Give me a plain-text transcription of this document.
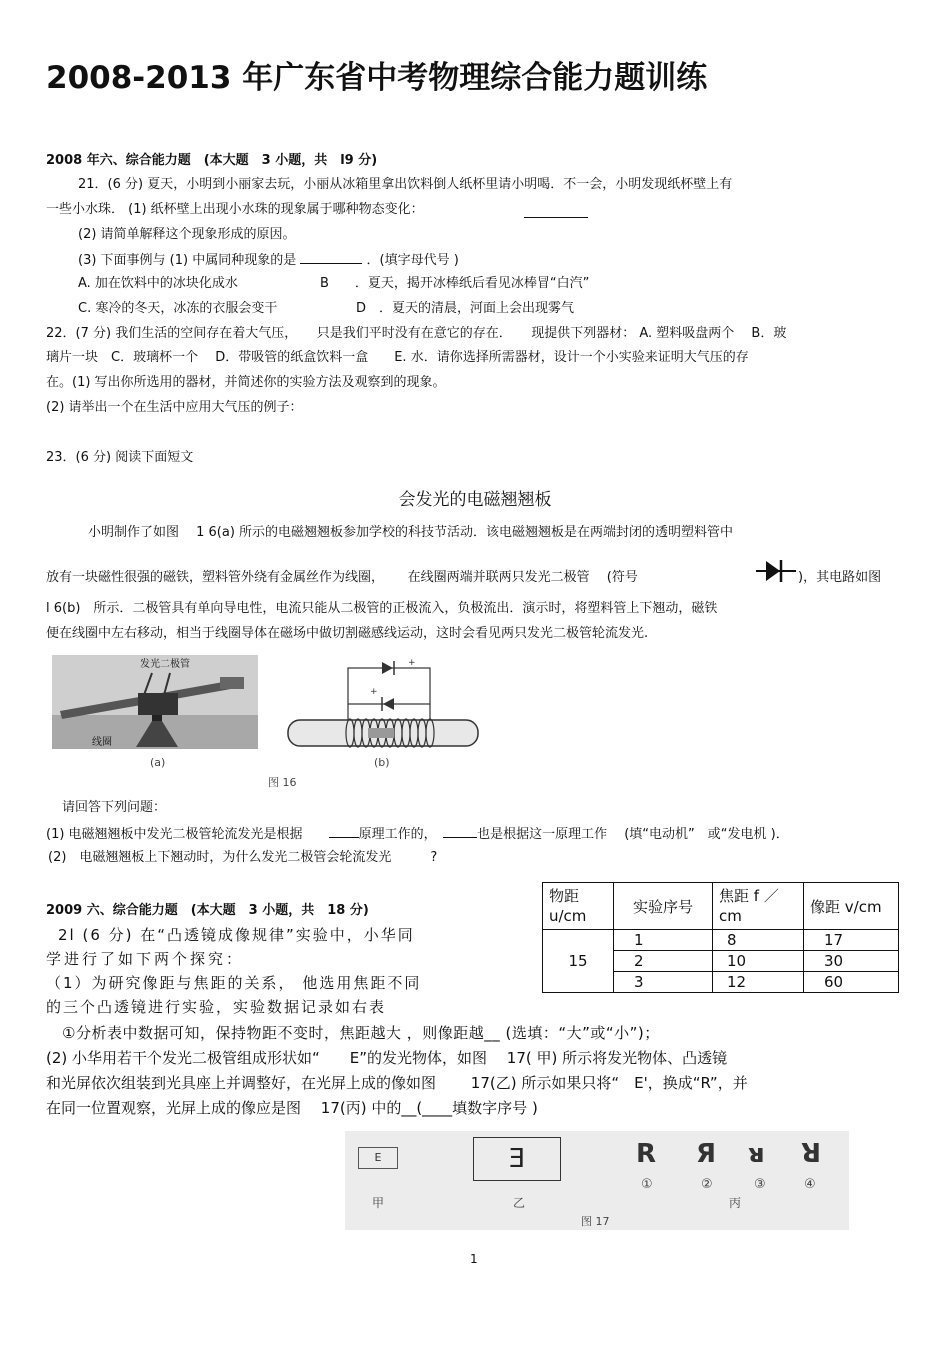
2008-2013 年广东省中考物理综合能力题训练
2008 年六、综合能力题　(本大题　3 小题，共　l9 分)
21．(6 分) 夏天，小明到小丽家去玩，小丽从冰箱里拿出饮料倒人纸杯里请小明喝．不一会，小明发现纸杯壁上有
一些小水珠． (1) 纸杯壁上出现小水珠的现象属于哪种物态变化：
(2) 请简单解释这个现象形成的原因。
(3) 下面事例与 (1) 中属同种现象的是	．(填字母代号 )
A. 加在饮料中的冰块化成水	B　　．夏天，揭开冰棒纸后看见冰棒冒“白汽”
C. 寒冷的冬天，冰冻的衣服会变干	D　．夏天的清晨，河面上会出现雾气
22．(7 分) 我们生活的空间存在着大气压，　　只是我们平时没有在意它的存在．　　现提供下列器材： A. 塑料吸盘两个　 B．玻
璃片一块　C．玻璃杯一个　 D．带吸管的纸盒饮料一盒　　E. 水．请你选择所需器材，设计一个小实验来证明大气压的存
在。(1) 写出你所选用的器材，并简述你的实验方法及观察到的现象。
(2) 请举出一个在生活中应用大气压的例子：
23．(6 分) 阅读下面短文
会发光的电磁翘翘板
小明制作了如图　 1 6(a) 所示的电磁翘翘板参加学校的科技节活动．该电磁翘翘板是在两端封闭的透明塑料管中
放有一块磁性很强的磁铁，塑料管外绕有金属丝作为线圈，　　 在线圈两端并联两只发光二极管　 (符号	)，其电路如图
l 6(b)　所示．二极管具有单向导电性，电流只能从二极管的正极流入，负极流出．演示时，将塑料管上下翘动，磁铁
便在线圈中左右移动，相当于线圈导体在磁场中做切割磁感线运动，这时会看见两只发光二极管轮流发光.
发光二极管
线圈
+
+
(a)	(b)
图 16
请回答下列问题：
(1) 电磁翘翘板中发光二极管轮流发光是根据　　原理工作的，　	也是根据这一原理工作　 (填“电动机”　或“发电机 )．
(2)　电磁翘翘板上下翘动时，为什么发光二极管会轮流发光　　　?
2009 六、综合能力题　(本大题　3 小题，共　18 分)
2l (6 分) 在“凸透镜成像规律”实验中，小华同
学进行了如下两个探究：
（1）为研究像距与焦距的关系， 他选用焦距不同
的三个凸透镜进行实验，实验数据记录如右表
①分析表中数据可知，保持物距不变时，焦距越大 ，则像距越__ (选填：“大”或“小”)；
(2) 小华用若干个发光二极管组成形状如“　　E”的发光物体，如图　 17( 甲) 所示将发光物体、凸透镜
和光屏依次组装到光具座上并调整好，在光屏上成的像如图　　 17(乙) 所示如果只将“　E'，换成“R”，并
在同一位置观察，光屏上成的像应是图　 17(丙) 中的__(____填数字序号 )
物距 u/cm	实验序号	焦距 f ／ cm	像距 v/cm
15	1	8	17
	2	10	30
	3	12	60
E	Ǝ	R Я ᴚ ꓤ
①	②	③	④
甲	乙	丙
图 17
1
